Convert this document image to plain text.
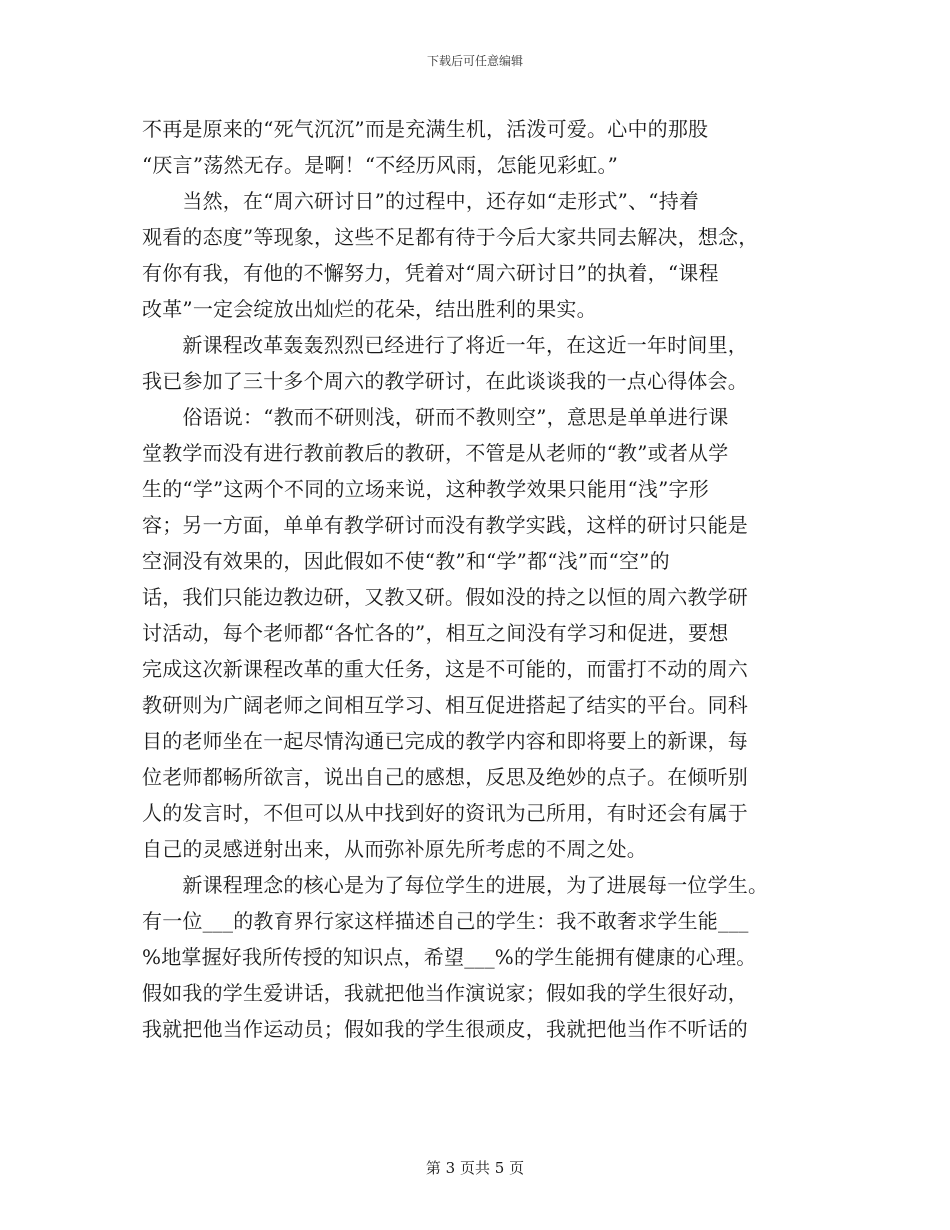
下载后可任意编辑
不再是原来的“死气沉沉”而是充满生机，活泼可爱。心中的那股
“厌言”荡然无存。是啊！“不经历风雨，怎能见彩虹。”
　　当然，在“周六研讨日”的过程中，还存如“走形式”、“持着
观看的态度”等现象，这些不足都有待于今后大家共同去解决，想念，
有你有我，有他的不懈努力，凭着对“周六研讨日”的执着，“课程
改革”一定会绽放出灿烂的花朵，结出胜利的果实。
　　新课程改革轰轰烈烈已经进行了将近一年，在这近一年时间里，
我已参加了三十多个周六的教学研讨，在此谈谈我的一点心得体会。
　　俗语说：“教而不研则浅，研而不教则空”，意思是单单进行课
堂教学而没有进行教前教后的教研，不管是从老师的“教”或者从学
生的“学”这两个不同的立场来说，这种教学效果只能用“浅”字形
容；另一方面，单单有教学研讨而没有教学实践，这样的研讨只能是
空洞没有效果的，因此假如不使“教”和“学”都“浅”而“空”的
话，我们只能边教边研，又教又研。假如没的持之以恒的周六教学研
讨活动，每个老师都“各忙各的”，相互之间没有学习和促进，要想
完成这次新课程改革的重大任务，这是不可能的，而雷打不动的周六
教研则为广阔老师之间相互学习、相互促进搭起了结实的平台。同科
目的老师坐在一起尽情沟通已完成的教学内容和即将要上的新课，每
位老师都畅所欲言，说出自己的感想，反思及绝妙的点子。在倾听别
人的发言时，不但可以从中找到好的资讯为己所用，有时还会有属于
自己的灵感迸射出来，从而弥补原先所考虑的不周之处。
　　新课程理念的核心是为了每位学生的进展，为了进展每一位学生。
有一位___的教育界行家这样描述自己的学生：我不敢奢求学生能___
%地掌握好我所传授的知识点，希望___%的学生能拥有健康的心理。
假如我的学生爱讲话，我就把他当作演说家；假如我的学生很好动，
我就把他当作运动员；假如我的学生很顽皮，我就把他当作不听话的
第 3 页共 5 页
